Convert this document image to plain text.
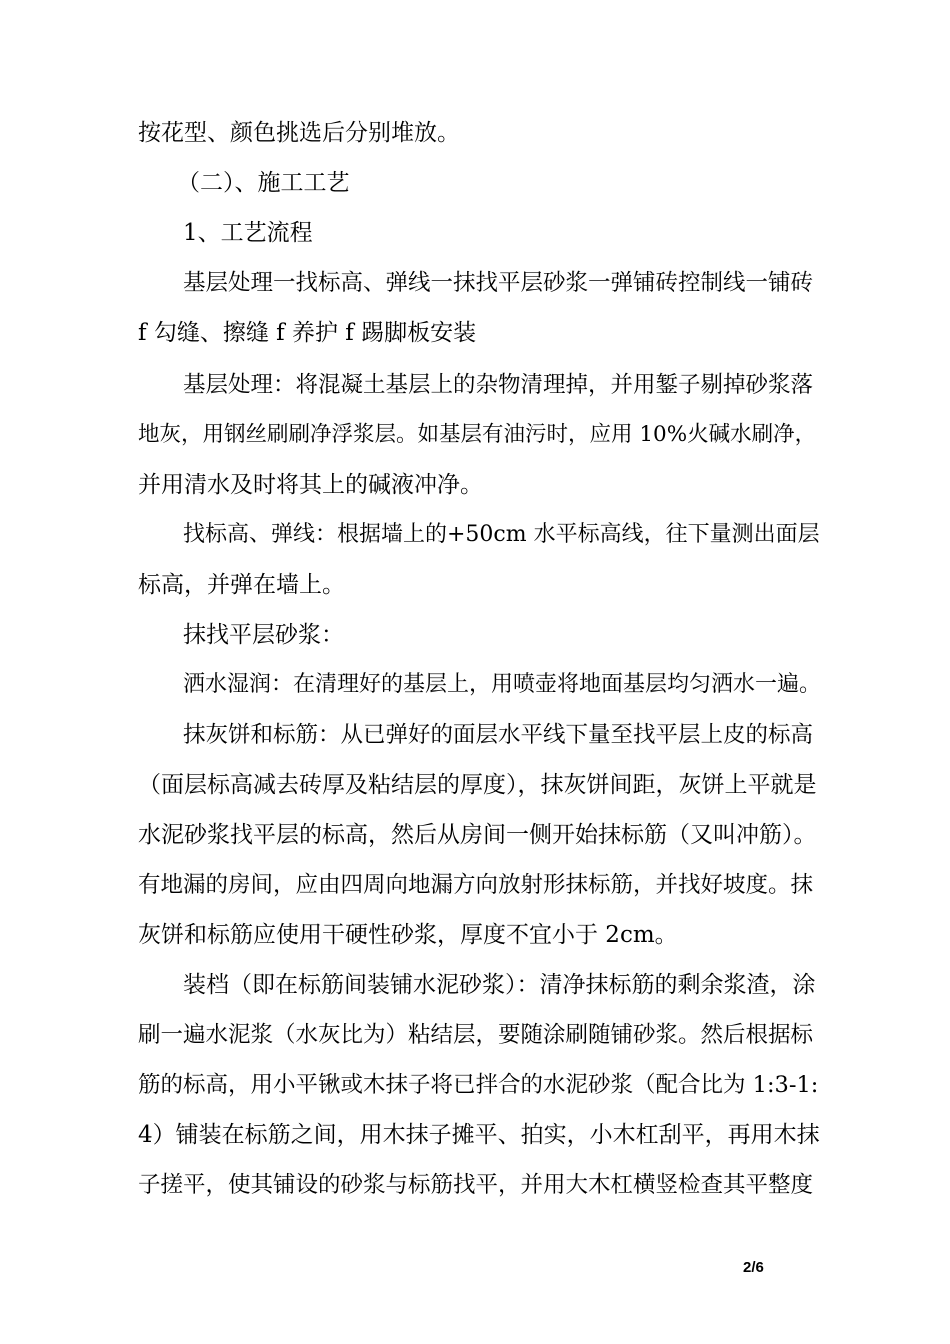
按花型、颜色挑选后分别堆放。
（二）、施工工艺
1、工艺流程
基层处理一找标高、弹线一抹找平层砂浆一弹铺砖控制线一铺砖
f 勾缝、擦缝 f 养护 f 踢脚板安装
基层处理：将混凝土基层上的杂物清理掉，并用錾子剔掉砂浆落
地灰，用钢丝刷刷净浮浆层。如基层有油污时，应用 10%火碱水刷净，
并用清水及时将其上的碱液冲净。
找标高、弹线：根据墙上的+50cm 水平标高线，往下量测出面层
标高，并弹在墙上。
抹找平层砂浆：
洒水湿润：在清理好的基层上，用喷壶将地面基层均匀洒水一遍。
抹灰饼和标筋：从已弹好的面层水平线下量至找平层上皮的标高
（面层标高减去砖厚及粘结层的厚度），抹灰饼间距，灰饼上平就是
水泥砂浆找平层的标高，然后从房间一侧开始抹标筋（又叫冲筋）。
有地漏的房间，应由四周向地漏方向放射形抹标筋，并找好坡度。抹
灰饼和标筋应使用干硬性砂浆，厚度不宜小于 2cm。
装档（即在标筋间装铺水泥砂浆）：清净抹标筋的剩余浆渣，涂
刷一遍水泥浆（水灰比为）粘结层，要随涂刷随铺砂浆。然后根据标
筋的标高，用小平锹或木抹子将已拌合的水泥砂浆（配合比为 1:3-1:
4）铺装在标筋之间，用木抹子摊平、拍实，小木杠刮平，再用木抹
子搓平，使其铺设的砂浆与标筋找平，并用大木杠横竖检查其平整度
2/6
